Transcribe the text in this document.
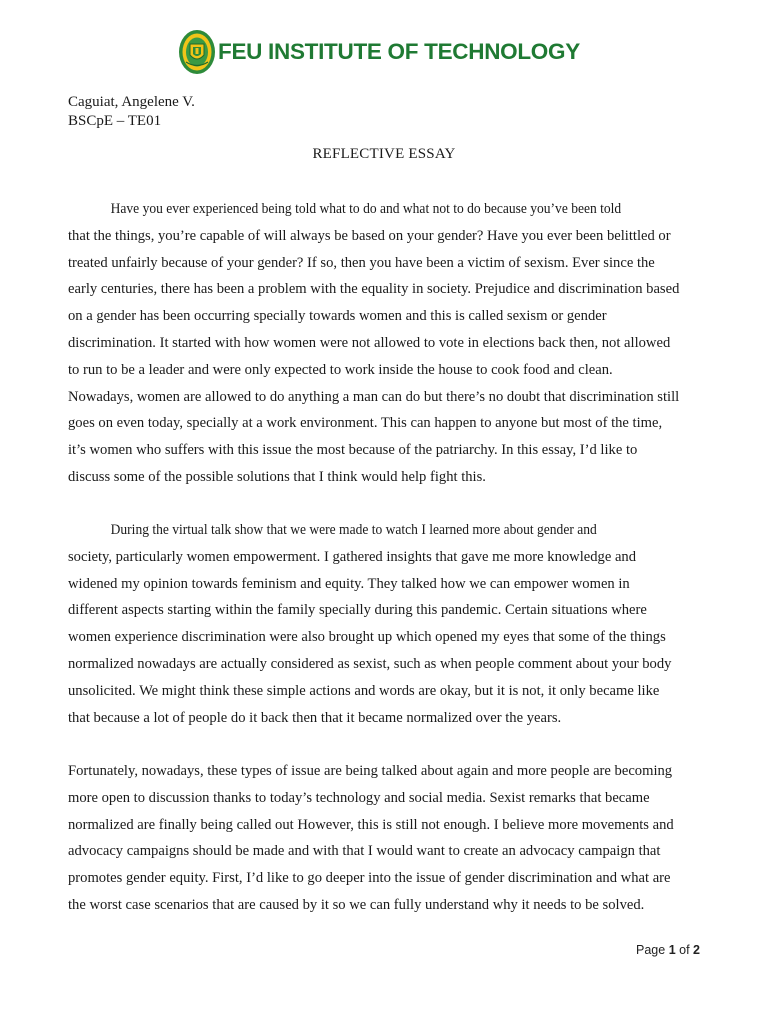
FEU INSTITUTE OF TECHNOLOGY
Caguiat, Angelene V.
BSCpE – TE01
REFLECTIVE ESSAY

Have you ever experienced being told what to do and what not to do because you’ve been told
that the things, you’re capable of will always be based on your gender? Have you ever been belittled or
treated unfairly because of your gender? If so, then you have been a victim of sexism. Ever since the
early centuries, there has been a problem with the equality in society. Prejudice and discrimination based
on a gender has been occurring specially towards women and this is called sexism or gender
discrimination. It started with how women were not allowed to vote in elections back then, not allowed
to run to be a leader and were only expected to work inside the house to cook food and clean.
Nowadays, women are allowed to do anything a man can do but there’s no doubt that discrimination still
goes on even today, specially at a work environment. This can happen to anyone but most of the time,
it’s women who suffers with this issue the most because of the patriarchy. In this essay, I’d like to
discuss some of the possible solutions that I think would help fight this.

During the virtual talk show that we were made to watch I learned more about gender and
society, particularly women empowerment. I gathered insights that gave me more knowledge and
widened my opinion towards feminism and equity. They talked how we can empower women in
different aspects starting within the family specially during this pandemic. Certain situations where
women experience discrimination were also brought up which opened my eyes that some of the things
normalized nowadays are actually considered as sexist, such as when people comment about your body
unsolicited. We might think these simple actions and words are okay, but it is not, it only became like
that because a lot of people do it back then that it became normalized over the years.

Fortunately, nowadays, these types of issue are being talked about again and more people are becoming
more open to discussion thanks to today’s technology and social media. Sexist remarks that became
normalized are finally being called out However, this is still not enough. I believe more movements and
advocacy campaigns should be made and with that I would want to create an advocacy campaign that
promotes gender equity. First, I’d like to go deeper into the issue of gender discrimination and what are
the worst case scenarios that are caused by it so we can fully understand why it needs to be solved.

Page 1 of 2
